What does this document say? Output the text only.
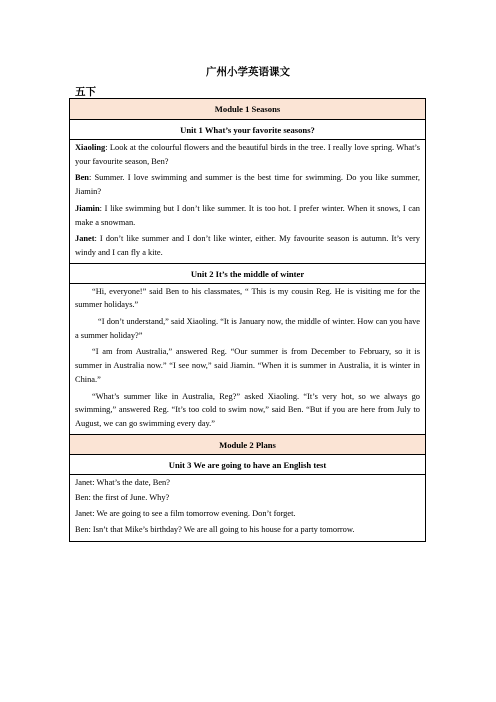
广州小学英语课文
五下
Module 1 Seasons
Unit 1 What’s your favorite seasons?

Xiaoling: Look at the colourful flowers and the beautiful birds in the tree. I really love spring. What’s your favourite season, Ben?

Ben: Summer. I love swimming and summer is the best time for swimming. Do you like summer, Jiamin?

Jiamin: I like swimming but I don’t like summer. It is too hot. I prefer winter. When it snows, I can make a snowman.

Janet: I don’t like summer and I don’t like winter, either. My favourite season is autumn. It’s very windy and I can fly a kite.

Unit 2 It’s the middle of winter

“Hi, everyone!” said Ben to his classmates, “ This is my cousin Reg. He is visiting me for the summer holidays.”

“I don’t understand,” said Xiaoling. “It is January now, the middle of winter. How can you have a summer holiday?”

“I am from Australia,” answered Reg. “Our summer is from December to February, so it is summer in Australia now.” “I see now,” said Jiamin. “When it is summer in Australia, it is winter in China.”

“What’s summer like in Australia, Reg?” asked Xiaoling. “It’s very hot, so we always go swimming,” answered Reg. “It’s too cold to swim now,” said Ben. “But if you are here from July to August, we can go swimming every day.”

Module 2 Plans
Unit 3 We are going to have an English test

Janet: What’s the date, Ben?

Ben: the first of June. Why?

Janet: We are going to see a film tomorrow evening. Don’t forget.

Ben: Isn’t that Mike’s birthday? We are all going to his house for a party tomorrow.
